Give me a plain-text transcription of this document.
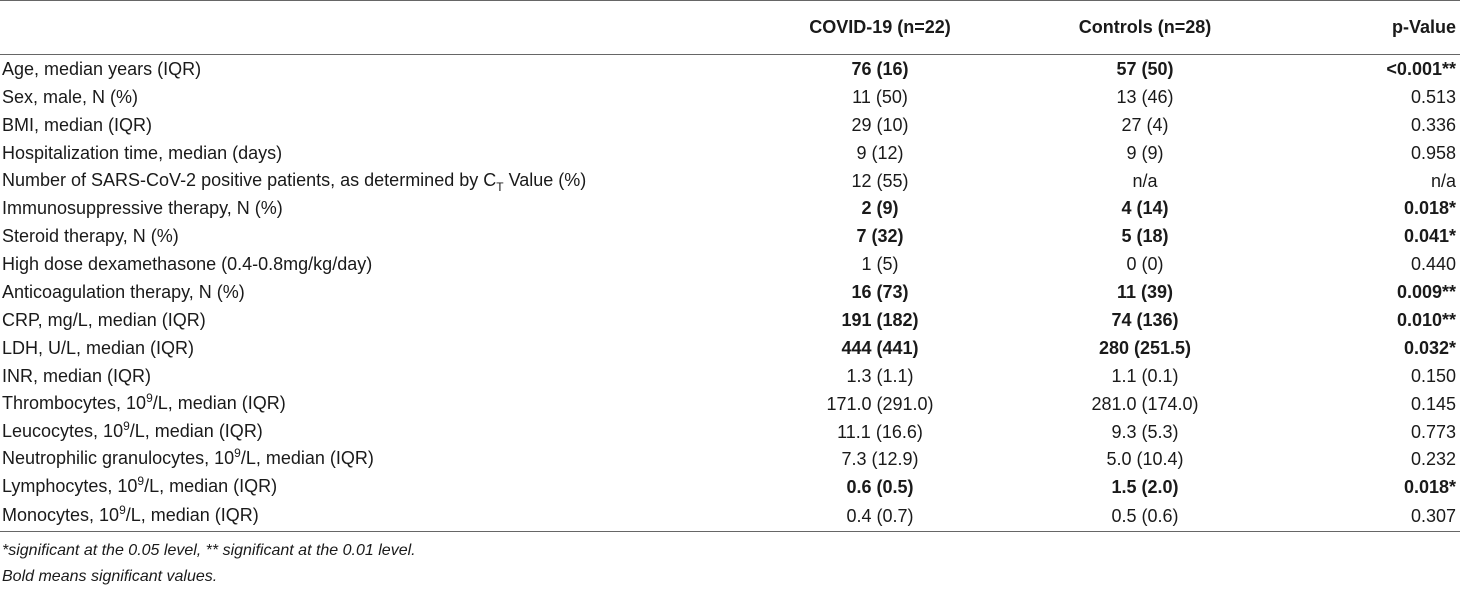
	COVID-19 (n=22)	Controls (n=28)	p-Value
Age, median years (IQR)	76 (16)	57 (50)	<0.001**
Sex, male, N (%)	11 (50)	13 (46)	0.513
BMI, median (IQR)	29 (10)	27 (4)	0.336
Hospitalization time, median (days)	9 (12)	9 (9)	0.958
Number of SARS-CoV-2 positive patients, as determined by $C_T$ Value (%)	12 (55)	n/a	n/a
Immunosuppressive therapy, N (%)	2 (9)	4 (14)	0.018*
Steroid therapy, N (%)	7 (32)	5 (18)	0.041*
High dose dexamethasone (0.4-0.8mg/kg/day)	1 (5)	0 (0)	0.440
Anticoagulation therapy, N (%)	16 (73)	11 (39)	0.009**
CRP, mg/L, median (IQR)	191 (182)	74 (136)	0.010**
LDH, U/L, median (IQR)	444 (441)	280 (251.5)	0.032*
INR, median (IQR)	1.3 (1.1)	1.1 (0.1)	0.150
Thrombocytes, $10^9/L$, median (IQR)	171.0 (291.0)	281.0 (174.0)	0.145
Leucocytes, $10^9/L$, median (IQR)	11.1 (16.6)	9.3 (5.3)	0.773
Neutrophilic granulocytes, $10^9/L$, median (IQR)	7.3 (12.9)	5.0 (10.4)	0.232
Lymphocytes, $10^9/L$, median (IQR)	0.6 (0.5)	1.5 (2.0)	0.018*
Monocytes, $10^9/L$, median (IQR)	0.4 (0.7)	0.5 (0.6)	0.307
*significant at the 0.05 level, ** significant at the 0.01 level.
Bold means significant values.
